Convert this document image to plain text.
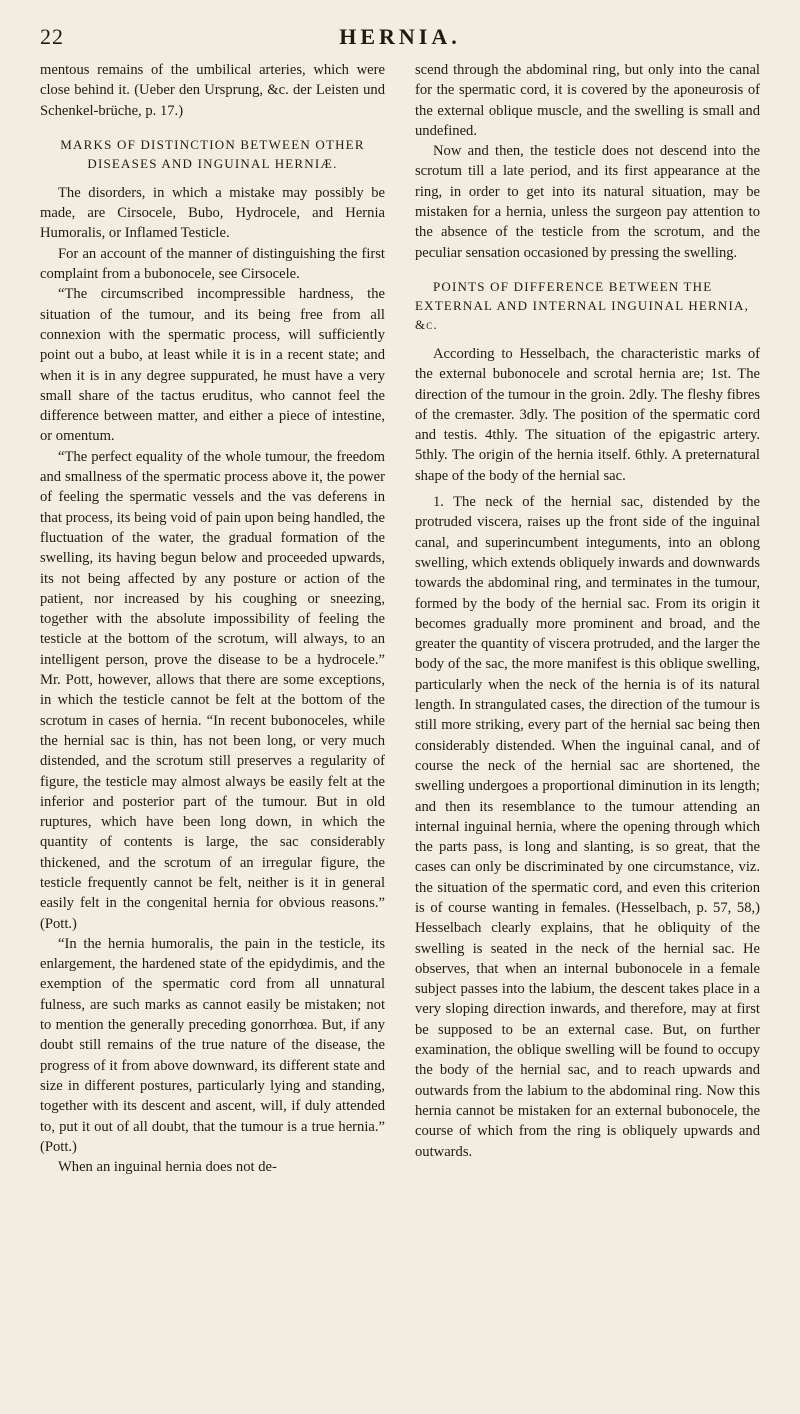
22	HERNIA.

mentous remains of the umbilical arteries, which were close behind it. (Ueber den Ursprung, &c. der Leisten und Schenkel-brüche, p. 17.)

MARKS OF DISTINCTION BETWEEN OTHER DISEASES AND INGUINAL HERNIÆ.

The disorders, in which a mistake may possibly be made, are Cirsocele, Bubo, Hydrocele, and Hernia Humoralis, or Inflamed Testicle.

For an account of the manner of distinguishing the first complaint from a bubonocele, see Cirsocele.

“The circumscribed incompressible hardness, the situation of the tumour, and its being free from all connexion with the spermatic process, will sufficiently point out a bubo, at least while it is in a recent state; and when it is in any degree suppurated, he must have a very small share of the tactus eruditus, who cannot feel the difference between matter, and either a piece of intestine, or omentum.

“The perfect equality of the whole tumour, the freedom and smallness of the spermatic process above it, the power of feeling the spermatic vessels and the vas deferens in that process, its being void of pain upon being handled, the fluctuation of the water, the gradual formation of the swelling, its having begun below and proceeded upwards, its not being affected by any posture or action of the patient, nor increased by his coughing or sneezing, together with the absolute impossibility of feeling the testicle at the bottom of the scrotum, will always, to an intelligent person, prove the disease to be a hydrocele.” Mr. Pott, however, allows that there are some exceptions, in which the testicle cannot be felt at the bottom of the scrotum in cases of hernia. “In recent bubonoceles, while the hernial sac is thin, has not been long, or very much distended, and the scrotum still preserves a regularity of figure, the testicle may almost always be easily felt at the inferior and posterior part of the tumour. But in old ruptures, which have been long down, in which the quantity of contents is large, the sac considerably thickened, and the scrotum of an irregular figure, the testicle frequently cannot be felt, neither is it in general easily felt in the congenital hernia for obvious reasons.” (Pott.)

“In the hernia humoralis, the pain in the testicle, its enlargement, the hardened state of the epidydimis, and the exemption of the spermatic cord from all unnatural fulness, are such marks as cannot easily be mistaken; not to mention the generally preceding gonorrhœa. But, if any doubt still remains of the true nature of the disease, the progress of it from above downward, its different state and size in different postures, particularly lying and standing, together with its descent and ascent, will, if duly attended to, put it out of all doubt, that the tumour is a true hernia.” (Pott.)

When an inguinal hernia does not de-

scend through the abdominal ring, but only into the canal for the spermatic cord, it is covered by the aponeurosis of the external oblique muscle, and the swelling is small and undefined.

Now and then, the testicle does not descend into the scrotum till a late period, and its first appearance at the ring, in order to get into its natural situation, may be mistaken for a hernia, unless the surgeon pay attention to the absence of the testicle from the scrotum, and the peculiar sensation occasioned by pressing the swelling.

POINTS OF DIFFERENCE BETWEEN THE EXTERNAL AND INTERNAL INGUINAL HERNIA, &c.

According to Hesselbach, the characteristic marks of the external bubonocele and scrotal hernia are; 1st. The direction of the tumour in the groin. 2dly. The fleshy fibres of the cremaster. 3dly. The position of the spermatic cord and testis. 4thly. The situation of the epigastric artery. 5thly. The origin of the hernia itself. 6thly. A preternatural shape of the body of the hernial sac.

1. The neck of the hernial sac, distended by the protruded viscera, raises up the front side of the inguinal canal, and superincumbent integuments, into an oblong swelling, which extends obliquely inwards and downwards towards the abdominal ring, and terminates in the tumour, formed by the body of the hernial sac. From its origin it becomes gradually more prominent and broad, and the greater the quantity of viscera protruded, and the larger the body of the sac, the more manifest is this oblique swelling, particularly when the neck of the hernia is of its natural length. In strangulated cases, the direction of the tumour is still more striking, every part of the hernial sac being then considerably distended. When the inguinal canal, and of course the neck of the hernial sac are shortened, the swelling undergoes a proportional diminution in its length; and then its resemblance to the tumour attending an internal inguinal hernia, where the opening through which the parts pass, is long and slanting, is so great, that the cases can only be discriminated by one circumstance, viz. the situation of the spermatic cord, and even this criterion is of course wanting in females. (Hesselbach, p. 57, 58,) Hesselbach clearly explains, that he obliquity of the swelling is seated in the neck of the hernial sac. He observes, that when an internal bubonocele in a female subject passes into the labium, the descent takes place in a very sloping direction inwards, and therefore, may at first be supposed to be an external case. But, on further examination, the oblique swelling will be found to occupy the body of the hernial sac, and to reach upwards and outwards from the labium to the abdominal ring. Now this hernia cannot be mistaken for an external bubonocele, the course of which from the ring is obliquely upwards and outwards.
